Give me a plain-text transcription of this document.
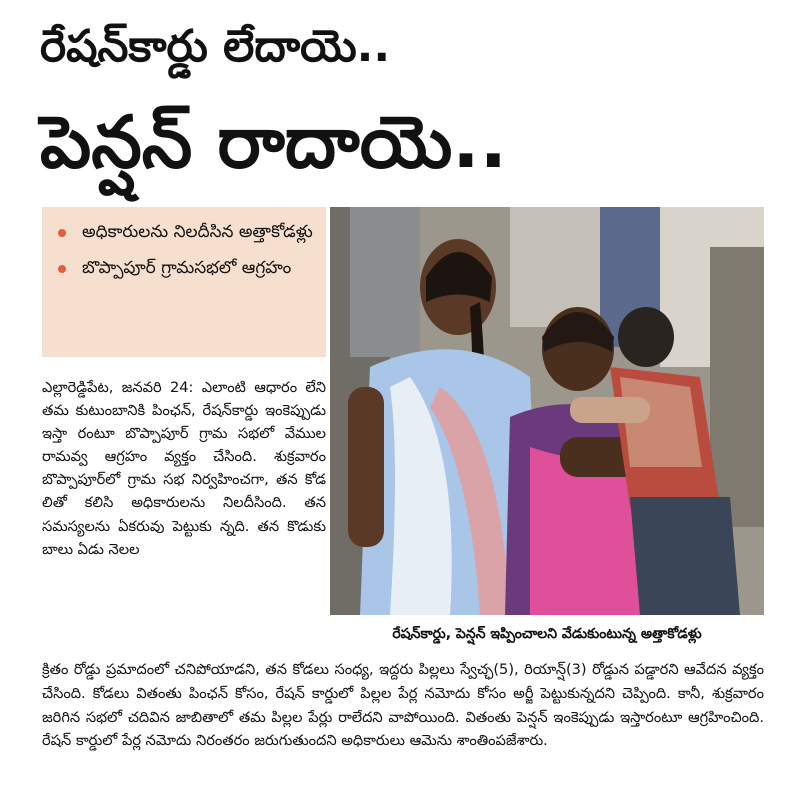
రేషన్‌కార్డు లేదాయె..
పెన్షన్ రాదాయె..
అధికారులను నిలదీసిన అత్తాకోడళ్లు
బొప్పాపూర్ గ్రామసభలో ఆగ్రహం
ఎల్లారెడ్డిపేట, జనవరి 24: ఎలాంటి ఆధారం లేని తమ కుటుంబానికి పింఛన్, రేషన్‌కార్డు ఇంకెప్పుడు ఇస్తా రంటూ బొప్పాపూర్ గ్రామ సభలో వేముల రామవ్వ ఆగ్రహం వ్యక్తం చేసింది. శుక్రవారం బొప్పాపూర్‌లో గ్రామ సభ నిర్వహించగా, తన కోడ లితో కలిసి అధికారులను నిలదీసింది. తన సమస్యలను ఏకరువు పెట్టుకు న్నది. తన కొడుకు బాలు ఏడు నెలల
రేషన్‌కార్డు, పెన్షన్ ఇప్పించాలని వేడుకుంటున్న అత్తాకోడళ్లు
క్రితం రోడ్డు ప్రమాదంలో చనిపోయాడని, తన కోడలు సంధ్య, ఇద్దరు పిల్లలు స్వేచ్ఛ(5), రియాన్ష్(3) రోడ్డున పడ్డారని ఆవేదన వ్యక్తం చేసింది. కోడలు వితంతు పింఛన్ కోసం, రేషన్ కార్డులో పిల్లల పేర్ల నమోదు కోసం అర్జీ పెట్టుకున్నదని చెప్పింది. కానీ, శుక్రవారం జరిగిన సభలో చదివిన జాబితాలో తమ పిల్లల పేర్లు రాలేదని వాపోయింది. వితంతు పెన్షన్ ఇంకెప్పుడు ఇస్తారంటూ ఆగ్రహించింది. రేషన్ కార్డులో పేర్ల నమోదు నిరంతరం జరుగుతుందని అధికారులు ఆమెను శాంతింపజేశారు.
